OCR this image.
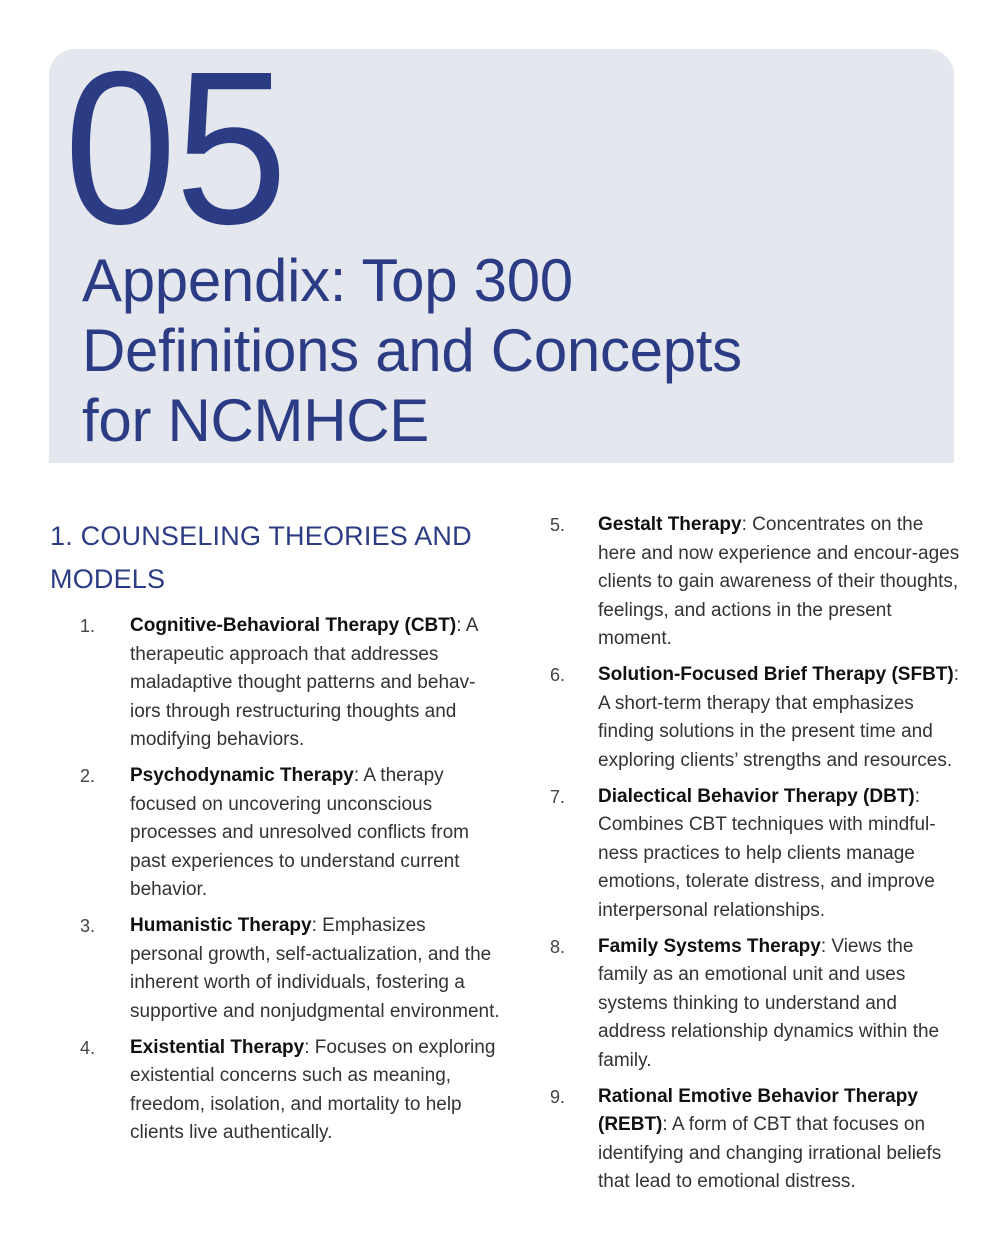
05
Appendix: Top 300
Definitions and Concepts
for NCMHCE
1. COUNSELING THEORIES AND MODELS
1. Cognitive-Behavioral Therapy (CBT): A therapeutic approach that addresses maladaptive thought patterns and behav-iors through restructuring thoughts and modifying behaviors.
2. Psychodynamic Therapy: A therapy focused on uncovering unconscious processes and unresolved conflicts from past experiences to understand current behavior.
3. Humanistic Therapy: Emphasizes personal growth, self-actualization, and the inherent worth of individuals, fostering a supportive and nonjudgmental environment.
4. Existential Therapy: Focuses on exploring existential concerns such as meaning, freedom, isolation, and mortality to help clients live authentically.
5. Gestalt Therapy: Concentrates on the here and now experience and encour-ages clients to gain awareness of their thoughts, feelings, and actions in the present moment.
6. Solution-Focused Brief Therapy (SFBT): A short-term therapy that emphasizes finding solutions in the present time and exploring clients’ strengths and resources.
7. Dialectical Behavior Therapy (DBT): Combines CBT techniques with mindful-ness practices to help clients manage emotions, tolerate distress, and improve interpersonal relationships.
8. Family Systems Therapy: Views the family as an emotional unit and uses systems thinking to understand and address relationship dynamics within the family.
9. Rational Emotive Behavior Therapy (REBT): A form of CBT that focuses on identifying and changing irrational beliefs that lead to emotional distress.
